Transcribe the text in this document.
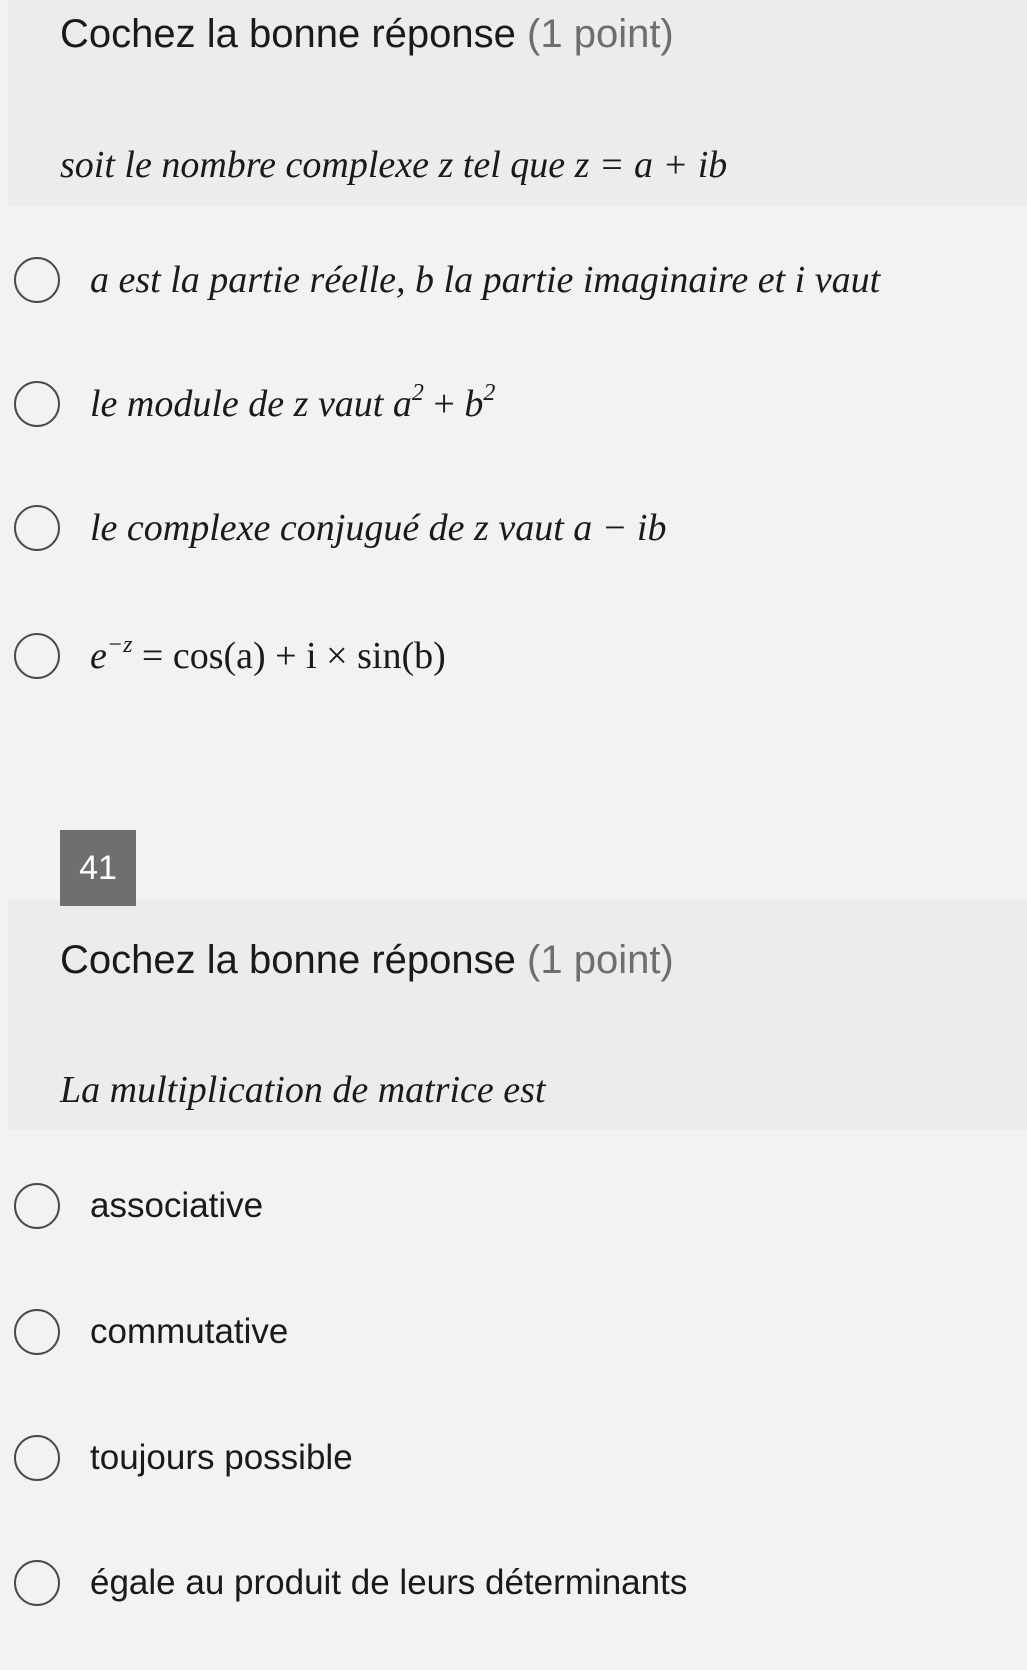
Cochez la bonne réponse (1 point)
soit le nombre complexe z tel que z = a + ib
a est la partie réelle, b la partie imaginaire et i vaut
le module de z vaut $a^2 + b^2$
le complexe conjugué de z vaut a − ib
$e^{-z} = \cos(a) + i \times \sin(b)$
41
Cochez la bonne réponse (1 point)
La multiplication de matrice est
associative
commutative
toujours possible
égale au produit de leurs déterminants
